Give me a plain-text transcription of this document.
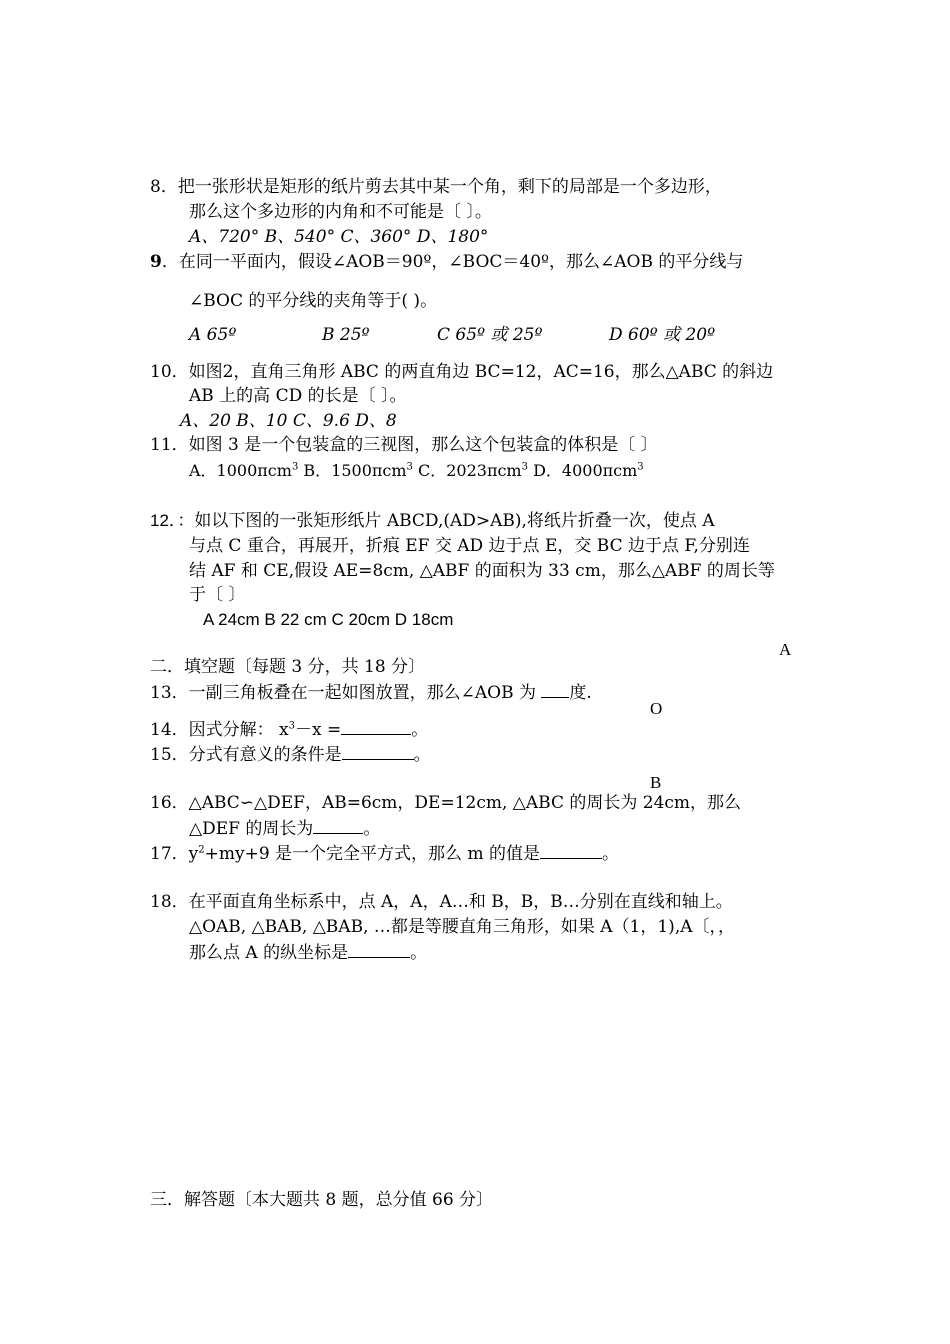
8．把一张形状是矩形的纸片剪去其中某一个角，剩下的局部是一个多边形，
那么这个多边形的内角和不可能是〔 〕。
A、720° B、540° C、360° D、180°
9．在同一平面内，假设∠AOB＝90º，∠BOC＝40º，那么∠AOB 的平分线与
∠BOC 的平分线的夹角等于( )。
A 65º	B 25º	C 65º 或 25º	D 60º 或 20º
10．如图2，直角三角形 ABC 的两直角边 BC=12，AC=16，那么△ABC 的斜边
AB 上的高 CD 的长是〔 〕。
A、20 B、10 C、9.6 D、8
11．如图 3 是一个包装盒的三视图，那么这个包装盒的体积是〔 〕
A．1000πcm$^3$ B．1500πcm$^3$ C．2023πcm$^3$ D．4000πcm$^3$
12．：如以下图的一张矩形纸片 ABCD,(AD>AB),将纸片折叠一次，使点 A
与点 C 重合，再展开，折痕 EF 交 AD 边于点 E，交 BC 边于点 F,分别连
结 AF 和 CE,假设 AE=8cm, △ABF 的面积为 33 cm，那么△ABF 的周长等
于〔 〕
A 24cm B 22 cm C 20cm D 18cm
A
O
B
二．填空题〔每题 3 分，共 18 分〕
13．一副三角板叠在一起如图放置，那么∠AOB 为 度.
14．因式分解： $x^3-x$ =	。
15．分式有意义的条件是	。
16．△ABC∽△DEF，AB=6cm，DE=12cm, △ABC 的周长为 24cm，那么
△DEF 的周长为	。
17．$y^2+my+9$ 是一个完全平方式，那么 m 的值是	。
18．在平面直角坐标系中，点 A，A，A…和 B，B，B…分别在直线和轴上。
△OAB, △BAB, △BAB, …都是等腰直角三角形，如果 A（1，1),A〔，，
那么点 A 的纵坐标是	。
三．解答题〔本大题共 8 题，总分值 66 分〕
